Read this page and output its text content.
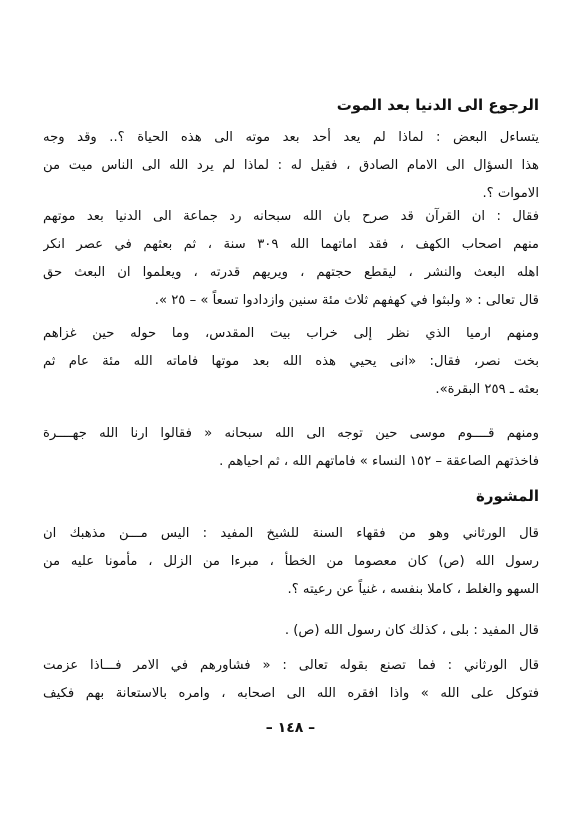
الرجوع الى الدنيا بعد الموت
يتساءل البعض : لماذا لم يعد أحد بعد موته الى هذه الحياة ؟.. وقد وجه
هذا السؤال الى الامام الصادق ، فقيل له : لماذا لم يرد الله الى الناس ميت من
الاموات ؟.
فقال : ان القرآن قد صرح بان الله سبحانه رد جماعة الى الدنيا بعد موتهم
منهم اصحاب الكهف ، فقد اماتهما الله ٣٠٩ سنة ، ثم بعثهم في عصر انكر
اهله البعث والنشر ، ليقطع حجتهم ، ويريهم قدرته ، ويعلموا ان البعث حق
قال تعالى : « ولبثوا في كهفهم ثلاث مئة سنين وازدادوا تسعاً » – ٢٥ ».
ومنهم ارميا الذي نظر إلى خراب بيت المقدس، وما حوله حين غزاهم
بخت نصر، فقال: «انى يحيي هذه الله بعد موتها فاماته الله مئة عام ثم
بعثه ـ ٢٥٩ البقرة».
ومنهم قــــوم موسى حين توجه الى الله سبحانه « فقالوا ارنا الله جهــــرة
فاخذتهم الصاعقة – ١٥٢ النساء » فاماتهم الله ، ثم احياهم .
المشورة
قال الورثاني وهو من فقهاء السنة للشيخ المفيد : اليس مـــن مذهبك ان
رسول الله (ص) كان معصوما من الخطأ ، مبرءا من الزلل ، مأمونا عليه من
السهو والغلط ، كاملا بنفسه ، غنياً عن رعيته ؟.
قال المفيد : بلى ، كذلك كان رسول الله (ص) .
قال الورثاني : فما تصنع بقوله تعالى : « فشاورهم في الامر فـــاذا عزمت
فتوكل على الله » واذا افقره الله الى اصحابه ، وامره بالاستعانة بهم فكيف
– ١٤٨ –
